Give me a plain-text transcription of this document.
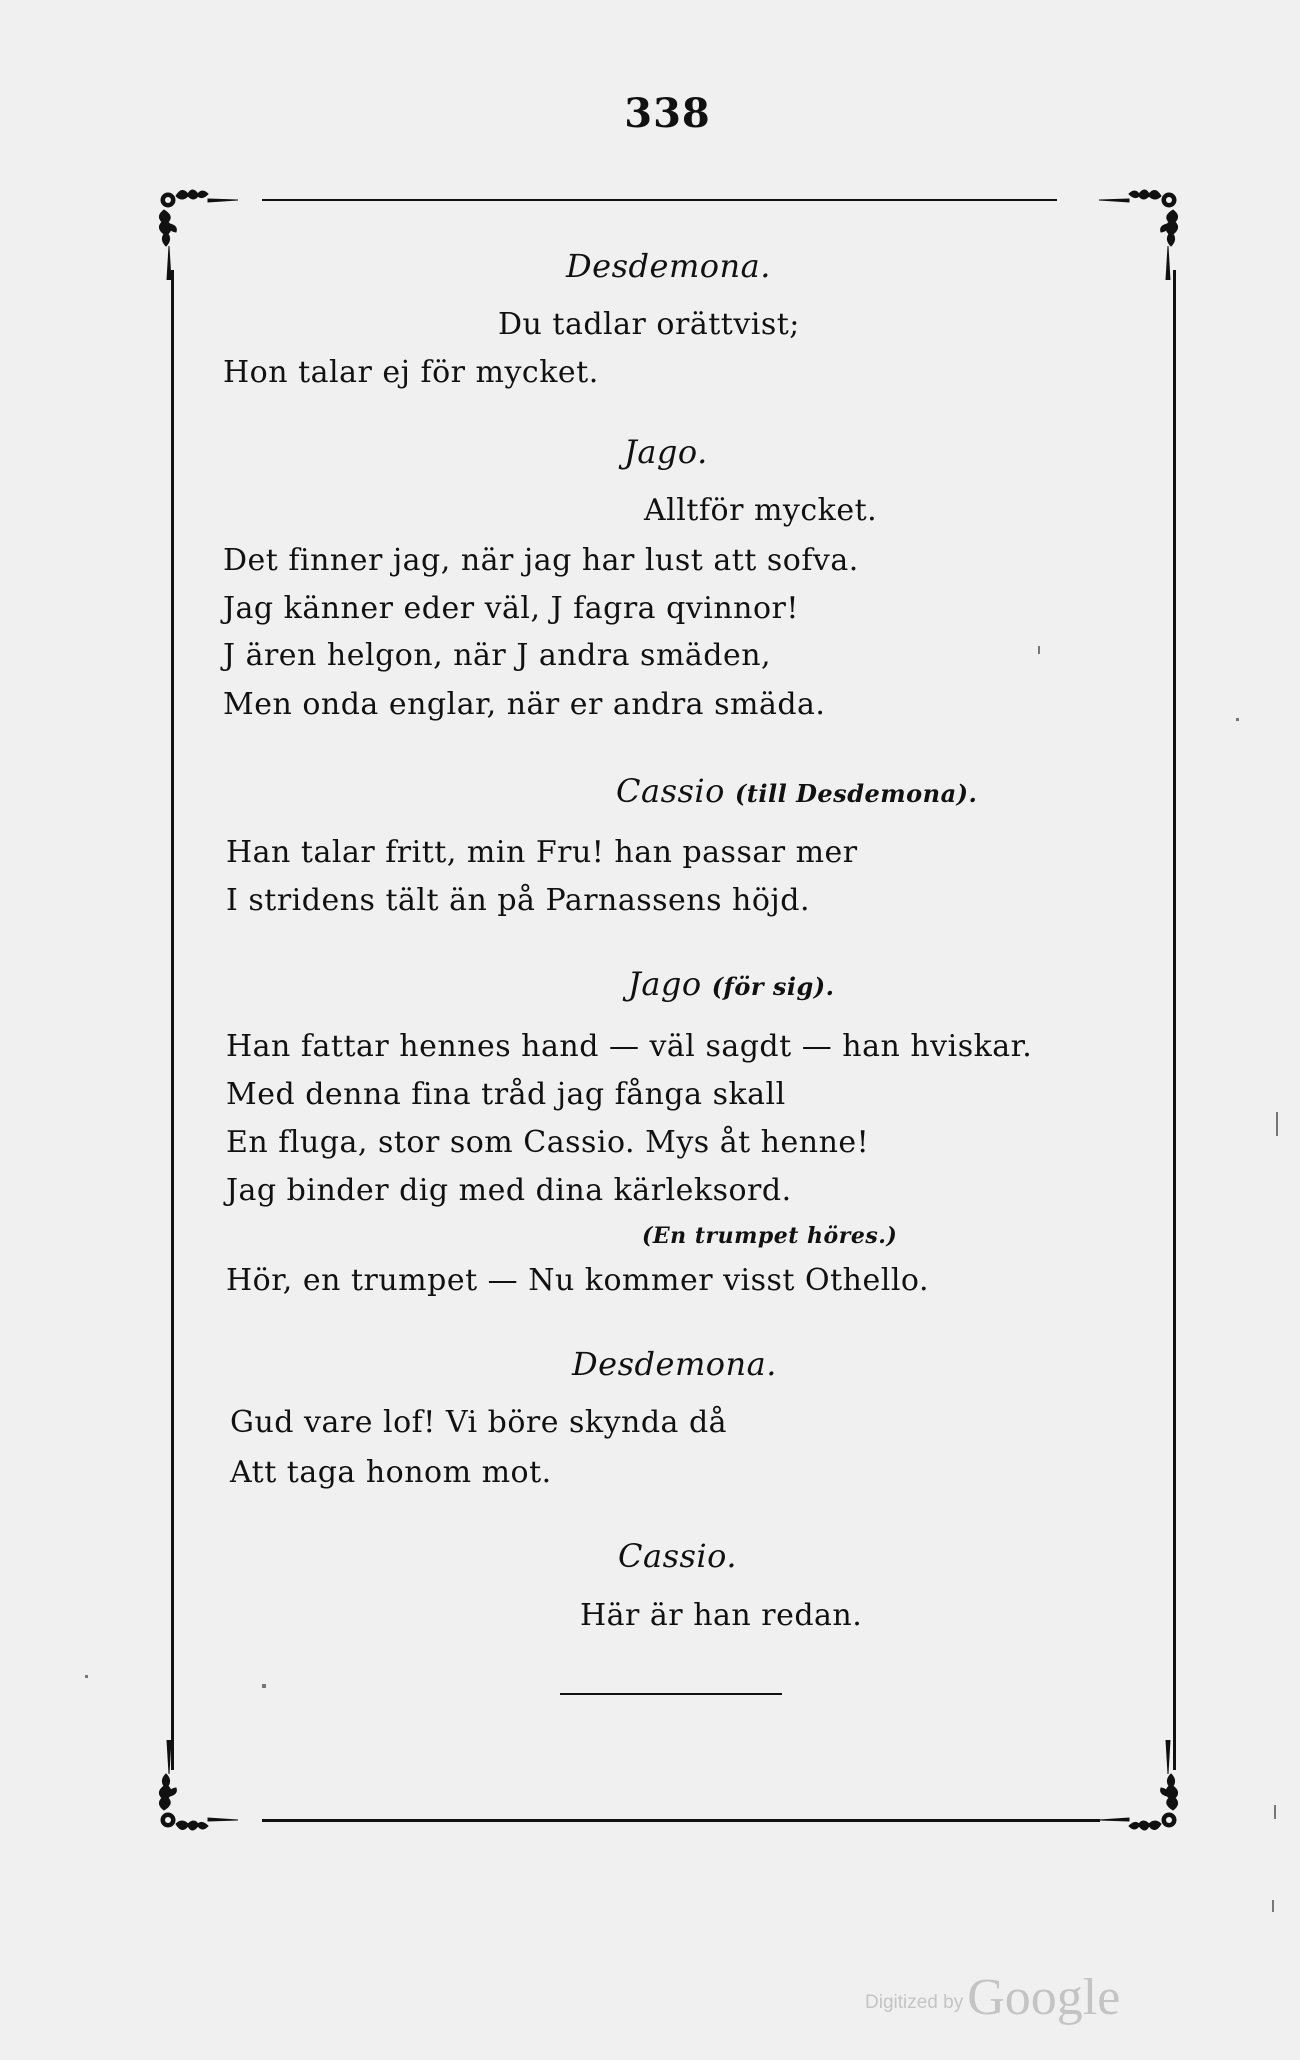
338
Desdemona.
Du tadlar orättvist;
Hon talar ej för mycket.
Jago.
Alltför mycket.
Det finner jag, när jag har lust att sofva.
Jag känner eder väl, J fagra qvinnor!
J ären helgon, när J andra smäden,
Men onda englar, när er andra smäda.
Cassio (till Desdemona).
Han talar fritt, min Fru! han passar mer
I stridens tält än på Parnassens höjd.
Jago (för sig).
Han fattar hennes hand — väl sagdt — han hviskar.
Med denna fina tråd jag fånga skall
En fluga, stor som Cassio. Mys åt henne!
Jag binder dig med dina kärleksord.
(En trumpet höres.)
Hör, en trumpet — Nu kommer visst Othello.
Desdemona.
Gud vare lof! Vi böre skynda då
Att taga honom mot.
Cassio.
Här är han redan.
Digitized byGoogle
